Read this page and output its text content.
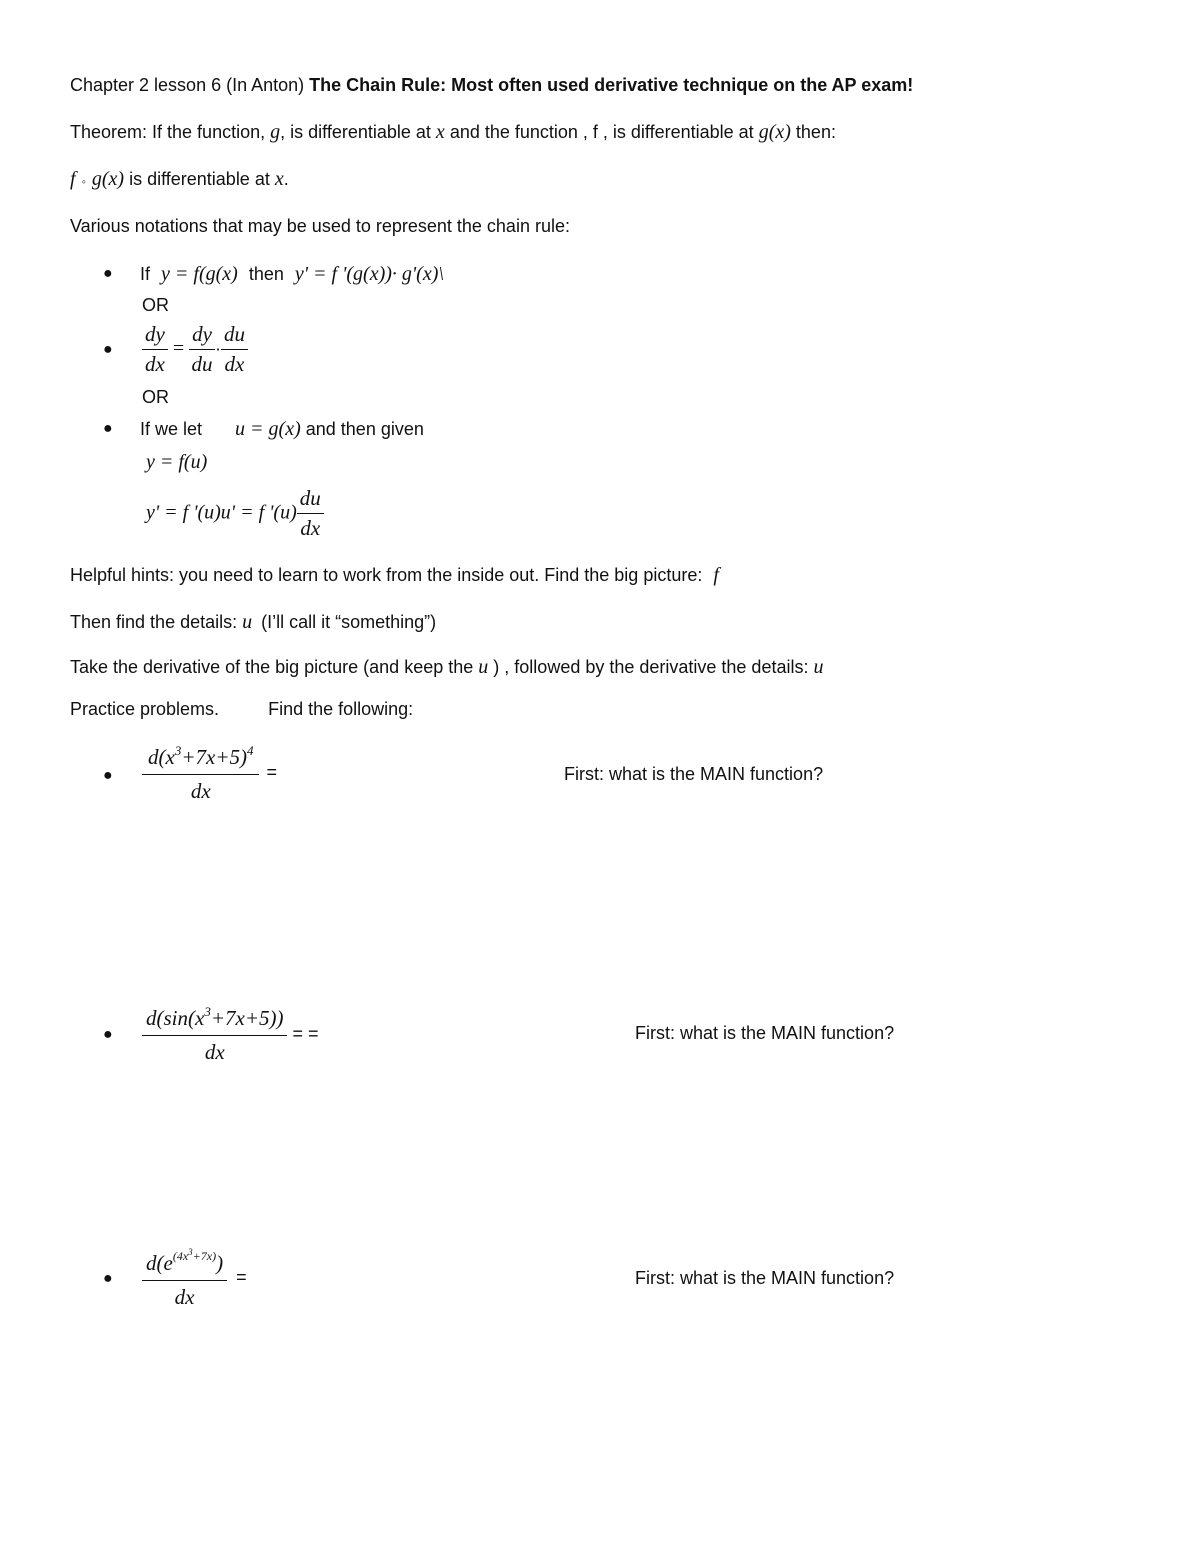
Chapter 2 lesson 6 (In Anton) The Chain Rule: Most often used derivative technique on the AP exam!
Theorem: If the function, g, is differentiable at x and the function , f , is differentiable at g(x) then:
f ∘ g(x) is differentiable at x.
Various notations that may be used to represent the chain rule:
● If y = f(g(x) then y' = f '(g(x))· g'(x)\
OR
● $\frac{dy}{dx} = \frac{dy}{du} \cdot \frac{du}{dx}$
OR
● If we let u = g(x) and then given
y = f(u)
y' = f '(u)u' = f '$(u) \frac{du}{dx}$
Helpful hints: you need to learn to work from the inside out. Find the big picture: f
Then find the details: u (I’ll call it “something”)
Take the derivative of the big picture (and keep the u ) , followed by the derivative the details: u
Practice problems.	Find the following:
● $\frac{d(x^3+7x+5)^4}{dx}$ =	First: what is the MAIN function?
● $\frac{d(\sin(x^3+7x+5))}{dx}$ = =	First: what is the MAIN function?
● $\frac{d(e^{(4x^3+7x)})}{dx}$ =	First: what is the MAIN function?
